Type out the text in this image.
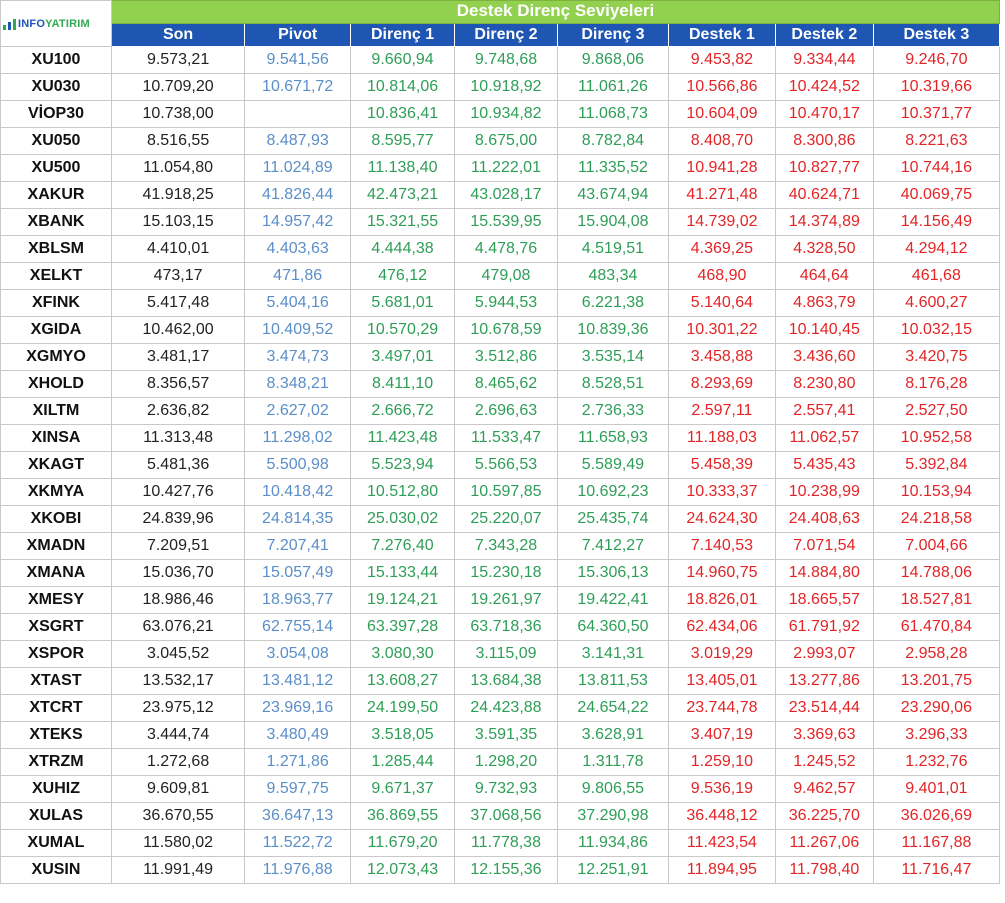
INFO YATIRIM	Destek Direnç Seviyeleri							
	Son	Pivot	Direnç 1	Direnç 2	Direnç 3	Destek 1	Destek 2	Destek 3
XU100	9.573,21	9.541,56	9.660,94	9.748,68	9.868,06	9.453,82	9.334,44	9.246,70
XU030	10.709,20	10.671,72	10.814,06	10.918,92	11.061,26	10.566,86	10.424,52	10.319,66
VİOP30	10.738,00		10.836,41	10.934,82	11.068,73	10.604,09	10.470,17	10.371,77
XU050	8.516,55	8.487,93	8.595,77	8.675,00	8.782,84	8.408,70	8.300,86	8.221,63
XU500	11.054,80	11.024,89	11.138,40	11.222,01	11.335,52	10.941,28	10.827,77	10.744,16
XAKUR	41.918,25	41.826,44	42.473,21	43.028,17	43.674,94	41.271,48	40.624,71	40.069,75
XBANK	15.103,15	14.957,42	15.321,55	15.539,95	15.904,08	14.739,02	14.374,89	14.156,49
XBLSM	4.410,01	4.403,63	4.444,38	4.478,76	4.519,51	4.369,25	4.328,50	4.294,12
XELKT	473,17	471,86	476,12	479,08	483,34	468,90	464,64	461,68
XFINK	5.417,48	5.404,16	5.681,01	5.944,53	6.221,38	5.140,64	4.863,79	4.600,27
XGIDA	10.462,00	10.409,52	10.570,29	10.678,59	10.839,36	10.301,22	10.140,45	10.032,15
XGMYO	3.481,17	3.474,73	3.497,01	3.512,86	3.535,14	3.458,88	3.436,60	3.420,75
XHOLD	8.356,57	8.348,21	8.411,10	8.465,62	8.528,51	8.293,69	8.230,80	8.176,28
XILTM	2.636,82	2.627,02	2.666,72	2.696,63	2.736,33	2.597,11	2.557,41	2.527,50
XINSA	11.313,48	11.298,02	11.423,48	11.533,47	11.658,93	11.188,03	11.062,57	10.952,58
XKAGT	5.481,36	5.500,98	5.523,94	5.566,53	5.589,49	5.458,39	5.435,43	5.392,84
XKMYA	10.427,76	10.418,42	10.512,80	10.597,85	10.692,23	10.333,37	10.238,99	10.153,94
XKOBI	24.839,96	24.814,35	25.030,02	25.220,07	25.435,74	24.624,30	24.408,63	24.218,58
XMADN	7.209,51	7.207,41	7.276,40	7.343,28	7.412,27	7.140,53	7.071,54	7.004,66
XMANA	15.036,70	15.057,49	15.133,44	15.230,18	15.306,13	14.960,75	14.884,80	14.788,06
XMESY	18.986,46	18.963,77	19.124,21	19.261,97	19.422,41	18.826,01	18.665,57	18.527,81
XSGRT	63.076,21	62.755,14	63.397,28	63.718,36	64.360,50	62.434,06	61.791,92	61.470,84
XSPOR	3.045,52	3.054,08	3.080,30	3.115,09	3.141,31	3.019,29	2.993,07	2.958,28
XTAST	13.532,17	13.481,12	13.608,27	13.684,38	13.811,53	13.405,01	13.277,86	13.201,75
XTCRT	23.975,12	23.969,16	24.199,50	24.423,88	24.654,22	23.744,78	23.514,44	23.290,06
XTEKS	3.444,74	3.480,49	3.518,05	3.591,35	3.628,91	3.407,19	3.369,63	3.296,33
XTRZM	1.272,68	1.271,86	1.285,44	1.298,20	1.311,78	1.259,10	1.245,52	1.232,76
XUHIZ	9.609,81	9.597,75	9.671,37	9.732,93	9.806,55	9.536,19	9.462,57	9.401,01
XULAS	36.670,55	36.647,13	36.869,55	37.068,56	37.290,98	36.448,12	36.225,70	36.026,69
XUMAL	11.580,02	11.522,72	11.679,20	11.778,38	11.934,86	11.423,54	11.267,06	11.167,88
XUSIN	11.991,49	11.976,88	12.073,43	12.155,36	12.251,91	11.894,95	11.798,40	11.716,47
